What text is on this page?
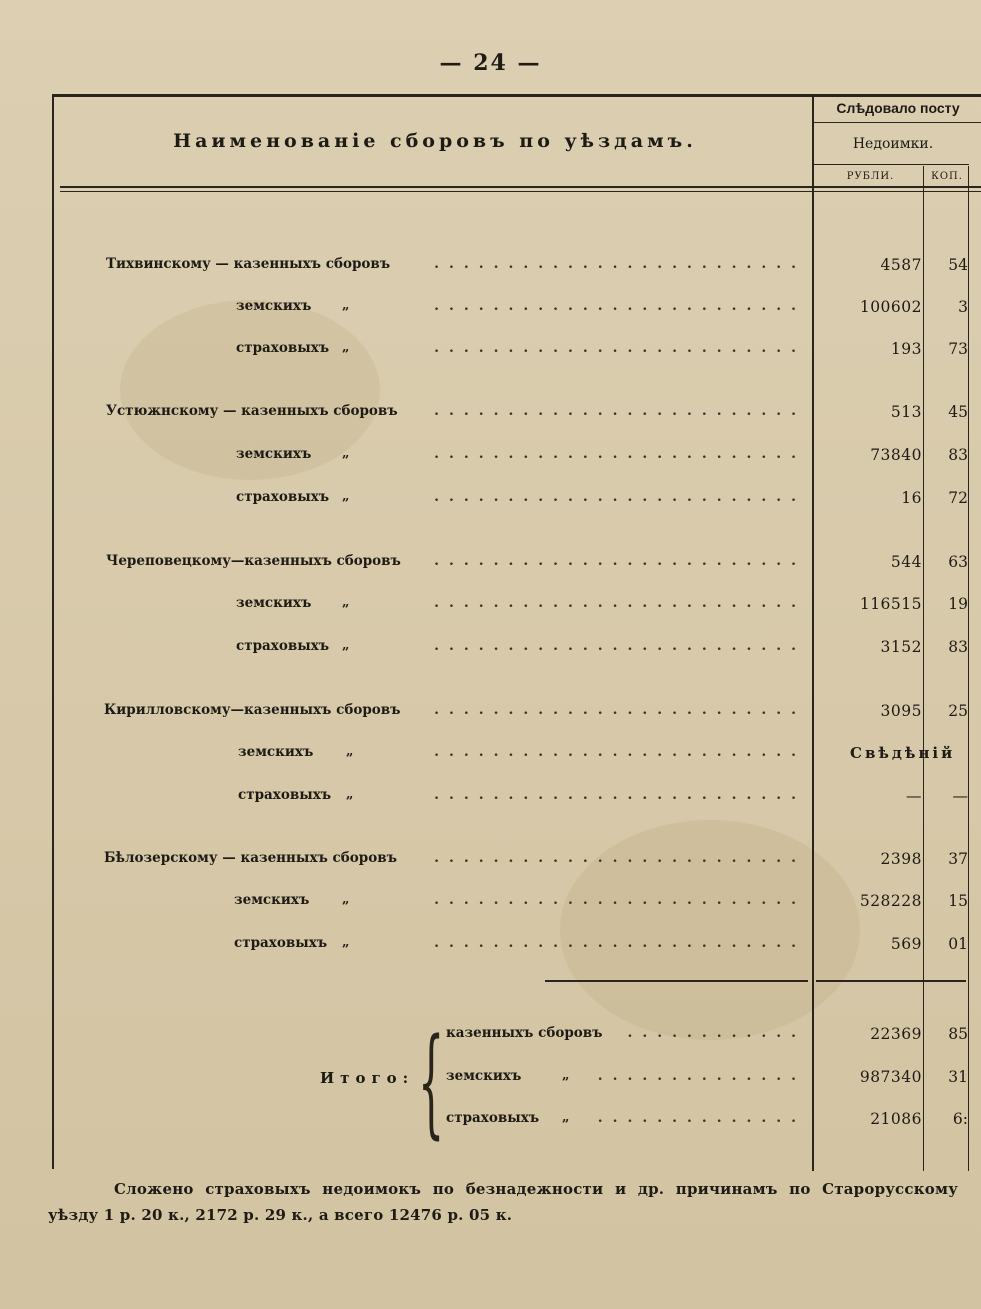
— 24 —
Наименованіе сборовъ по уѣздамъ.
Слѣдовало посту
Недоимки.
РУБЛИ.	КОП.
Тихвинскому — казенныхъ сборовъ	.........................	4587	54
земскихъ „	.........................	100602	3
страховыхъ „	.........................	193	73
Устюжнскому — казенныхъ сборовъ	.........................	513	45
земскихъ „	.........................	73840	83
страховыхъ „	.........................	16	72
Череповецкому—казенныхъ сборовъ	.........................	544	63
земскихъ „	.........................	116515	19
страховыхъ „	.........................	3152	83
Кирилловскому—казенныхъ сборовъ	.........................	3095	25
земскихъ	„	.........................	Свѣдѣній
страховыхъ „	.........................	—	—
Бѣлозерскому — казенныхъ сборовъ	.........................	2398	37
земскихъ	„	.........................	528228	15
страховыхъ „	.........................	569	01
Итого: { казенныхъ сборовъ	............	22369	85
земскихъ	„	..............	987340	31
страховыхъ „	..............	21086	6:
Сложено страховыхъ недоимокъ по безнадежности и др. причинамъ по Старорусскому уѣзду 1 р. 20 к., 2172 р. 29 к., а всего 12476 р. 05 к.
